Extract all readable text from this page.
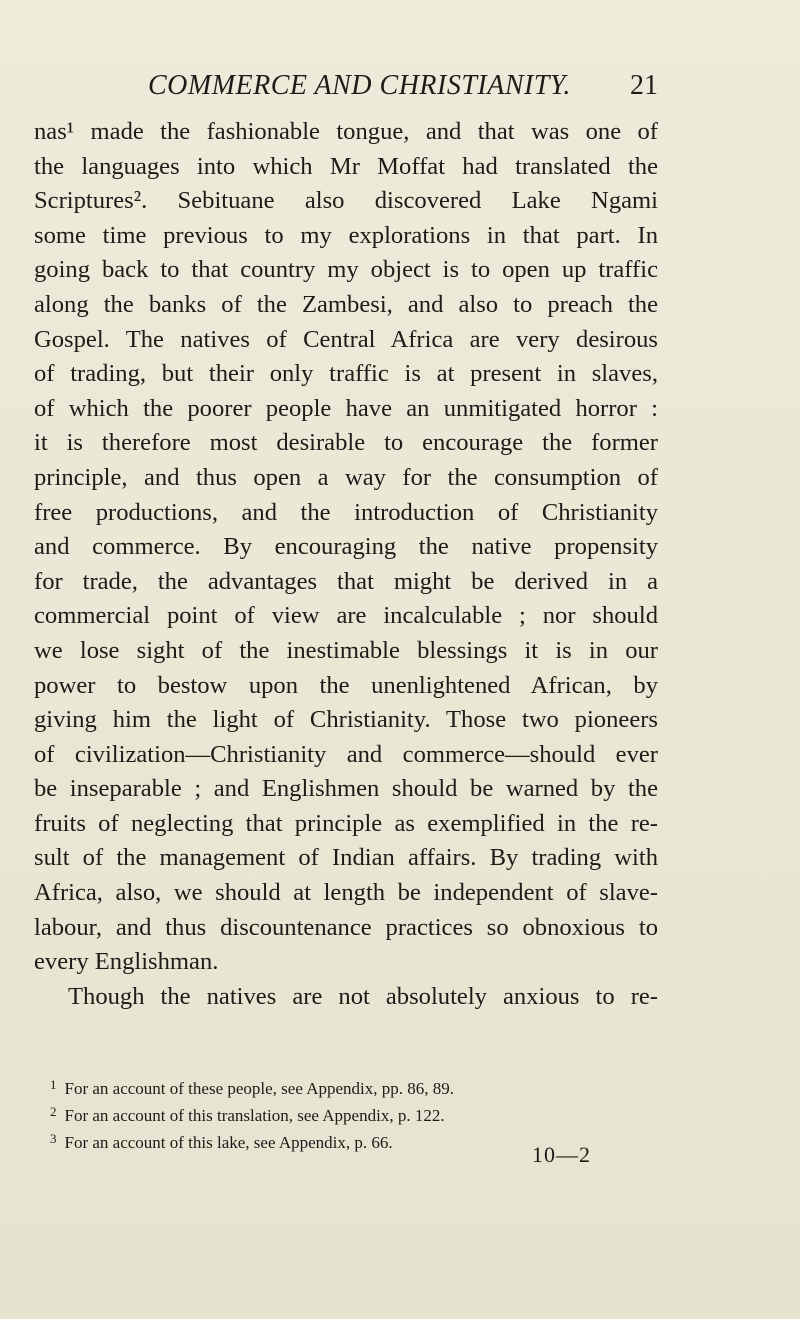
COMMERCE AND CHRISTIANITY. 21
nas¹ made the fashionable tongue, and that was one of
the languages into which Mr Moffat had translated the
Scriptures². Sebituane also discovered Lake Ngami
some time previous to my explorations in that part. In
going back to that country my object is to open up traffic
along the banks of the Zambesi, and also to preach the
Gospel. The natives of Central Africa are very desirous
of trading, but their only traffic is at present in slaves,
of which the poorer people have an unmitigated horror :
it is therefore most desirable to encourage the former
principle, and thus open a way for the consumption of
free productions, and the introduction of Christianity
and commerce. By encouraging the native propensity
for trade, the advantages that might be derived in a
commercial point of view are incalculable ; nor should
we lose sight of the inestimable blessings it is in our
power to bestow upon the unenlightened African, by
giving him the light of Christianity. Those two pioneers
of civilization—Christianity and commerce—should ever
be inseparable ; and Englishmen should be warned by the
fruits of neglecting that principle as exemplified in the re-
sult of the management of Indian affairs. By trading with
Africa, also, we should at length be independent of slave-
labour, and thus discountenance practices so obnoxious to
every Englishman.
Though the natives are not absolutely anxious to re-
$^1$ For an account of these people, see Appendix, pp. 86, 89.
$^2$ For an account of this translation, see Appendix, p. 122.
$^3$ For an account of this lake, see Appendix, p. 66.	10—2
